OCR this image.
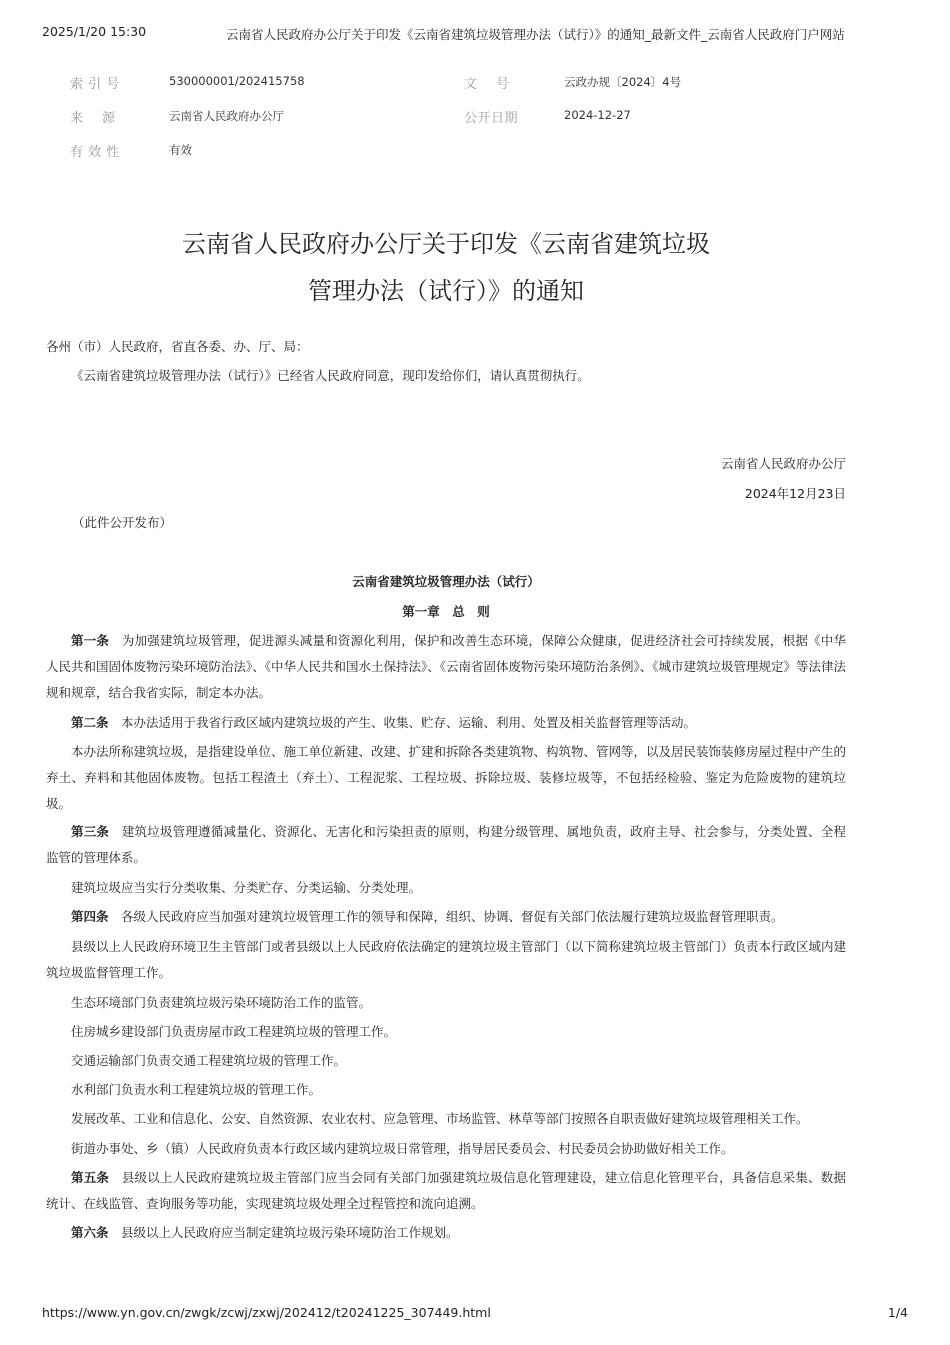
2025/1/20 15:30	云南省人民政府办公厅关于印发《云南省建筑垃圾管理办法（试行）》的通知_最新文件_云南省人民政府门户网站
索 引 号	530000001/202415758	文    号	云政办规〔2024〕4号
来    源	云南省人民政府办公厅	公开日期	2024-12-27
有 效 性	有效
云南省人民政府办公厅关于印发《云南省建筑垃圾
管理办法（试行）》的通知
各州（市）人民政府，省直各委、办、厅、局：
《云南省建筑垃圾管理办法（试行）》已经省人民政府同意，现印发给你们，请认真贯彻执行。
云南省人民政府办公厅
2024年12月23日
（此件公开发布）
云南省建筑垃圾管理办法（试行）
第一章　总　则
第一条　为加强建筑垃圾管理，促进源头减量和资源化利用，保护和改善生态环境，保障公众健康，促进经济社会可持续发展，根据《中华人民共和国固体废物污染环境防治法》、《中华人民共和国水土保持法》、《云南省固体废物污染环境防治条例》、《城市建筑垃圾管理规定》等法律法规和规章，结合我省实际，制定本办法。
第二条　本办法适用于我省行政区域内建筑垃圾的产生、收集、贮存、运输、利用、处置及相关监督管理等活动。
本办法所称建筑垃圾，是指建设单位、施工单位新建、改建、扩建和拆除各类建筑物、构筑物、管网等，以及居民装饰装修房屋过程中产生的弃土、弃料和其他固体废物。包括工程渣土（弃土）、工程泥浆、工程垃圾、拆除垃圾、装修垃圾等，不包括经检验、鉴定为危险废物的建筑垃圾。
第三条　建筑垃圾管理遵循减量化、资源化、无害化和污染担责的原则，构建分级管理、属地负责，政府主导、社会参与，分类处置、全程监管的管理体系。
建筑垃圾应当实行分类收集、分类贮存、分类运输、分类处理。
第四条　各级人民政府应当加强对建筑垃圾管理工作的领导和保障，组织、协调、督促有关部门依法履行建筑垃圾监督管理职责。
县级以上人民政府环境卫生主管部门或者县级以上人民政府依法确定的建筑垃圾主管部门（以下简称建筑垃圾主管部门）负责本行政区域内建筑垃圾监督管理工作。
生态环境部门负责建筑垃圾污染环境防治工作的监管。
住房城乡建设部门负责房屋市政工程建筑垃圾的管理工作。
交通运输部门负责交通工程建筑垃圾的管理工作。
水利部门负责水利工程建筑垃圾的管理工作。
发展改革、工业和信息化、公安、自然资源、农业农村、应急管理、市场监管、林草等部门按照各自职责做好建筑垃圾管理相关工作。
街道办事处、乡（镇）人民政府负责本行政区域内建筑垃圾日常管理，指导居民委员会、村民委员会协助做好相关工作。
第五条　县级以上人民政府建筑垃圾主管部门应当会同有关部门加强建筑垃圾信息化管理建设，建立信息化管理平台，具备信息采集、数据统计、在线监管、查询服务等功能，实现建筑垃圾处理全过程管控和流向追溯。
第六条　县级以上人民政府应当制定建筑垃圾污染环境防治工作规划。
https://www.yn.gov.cn/zwgk/zcwj/zxwj/202412/t20241225_307449.html	1/4
